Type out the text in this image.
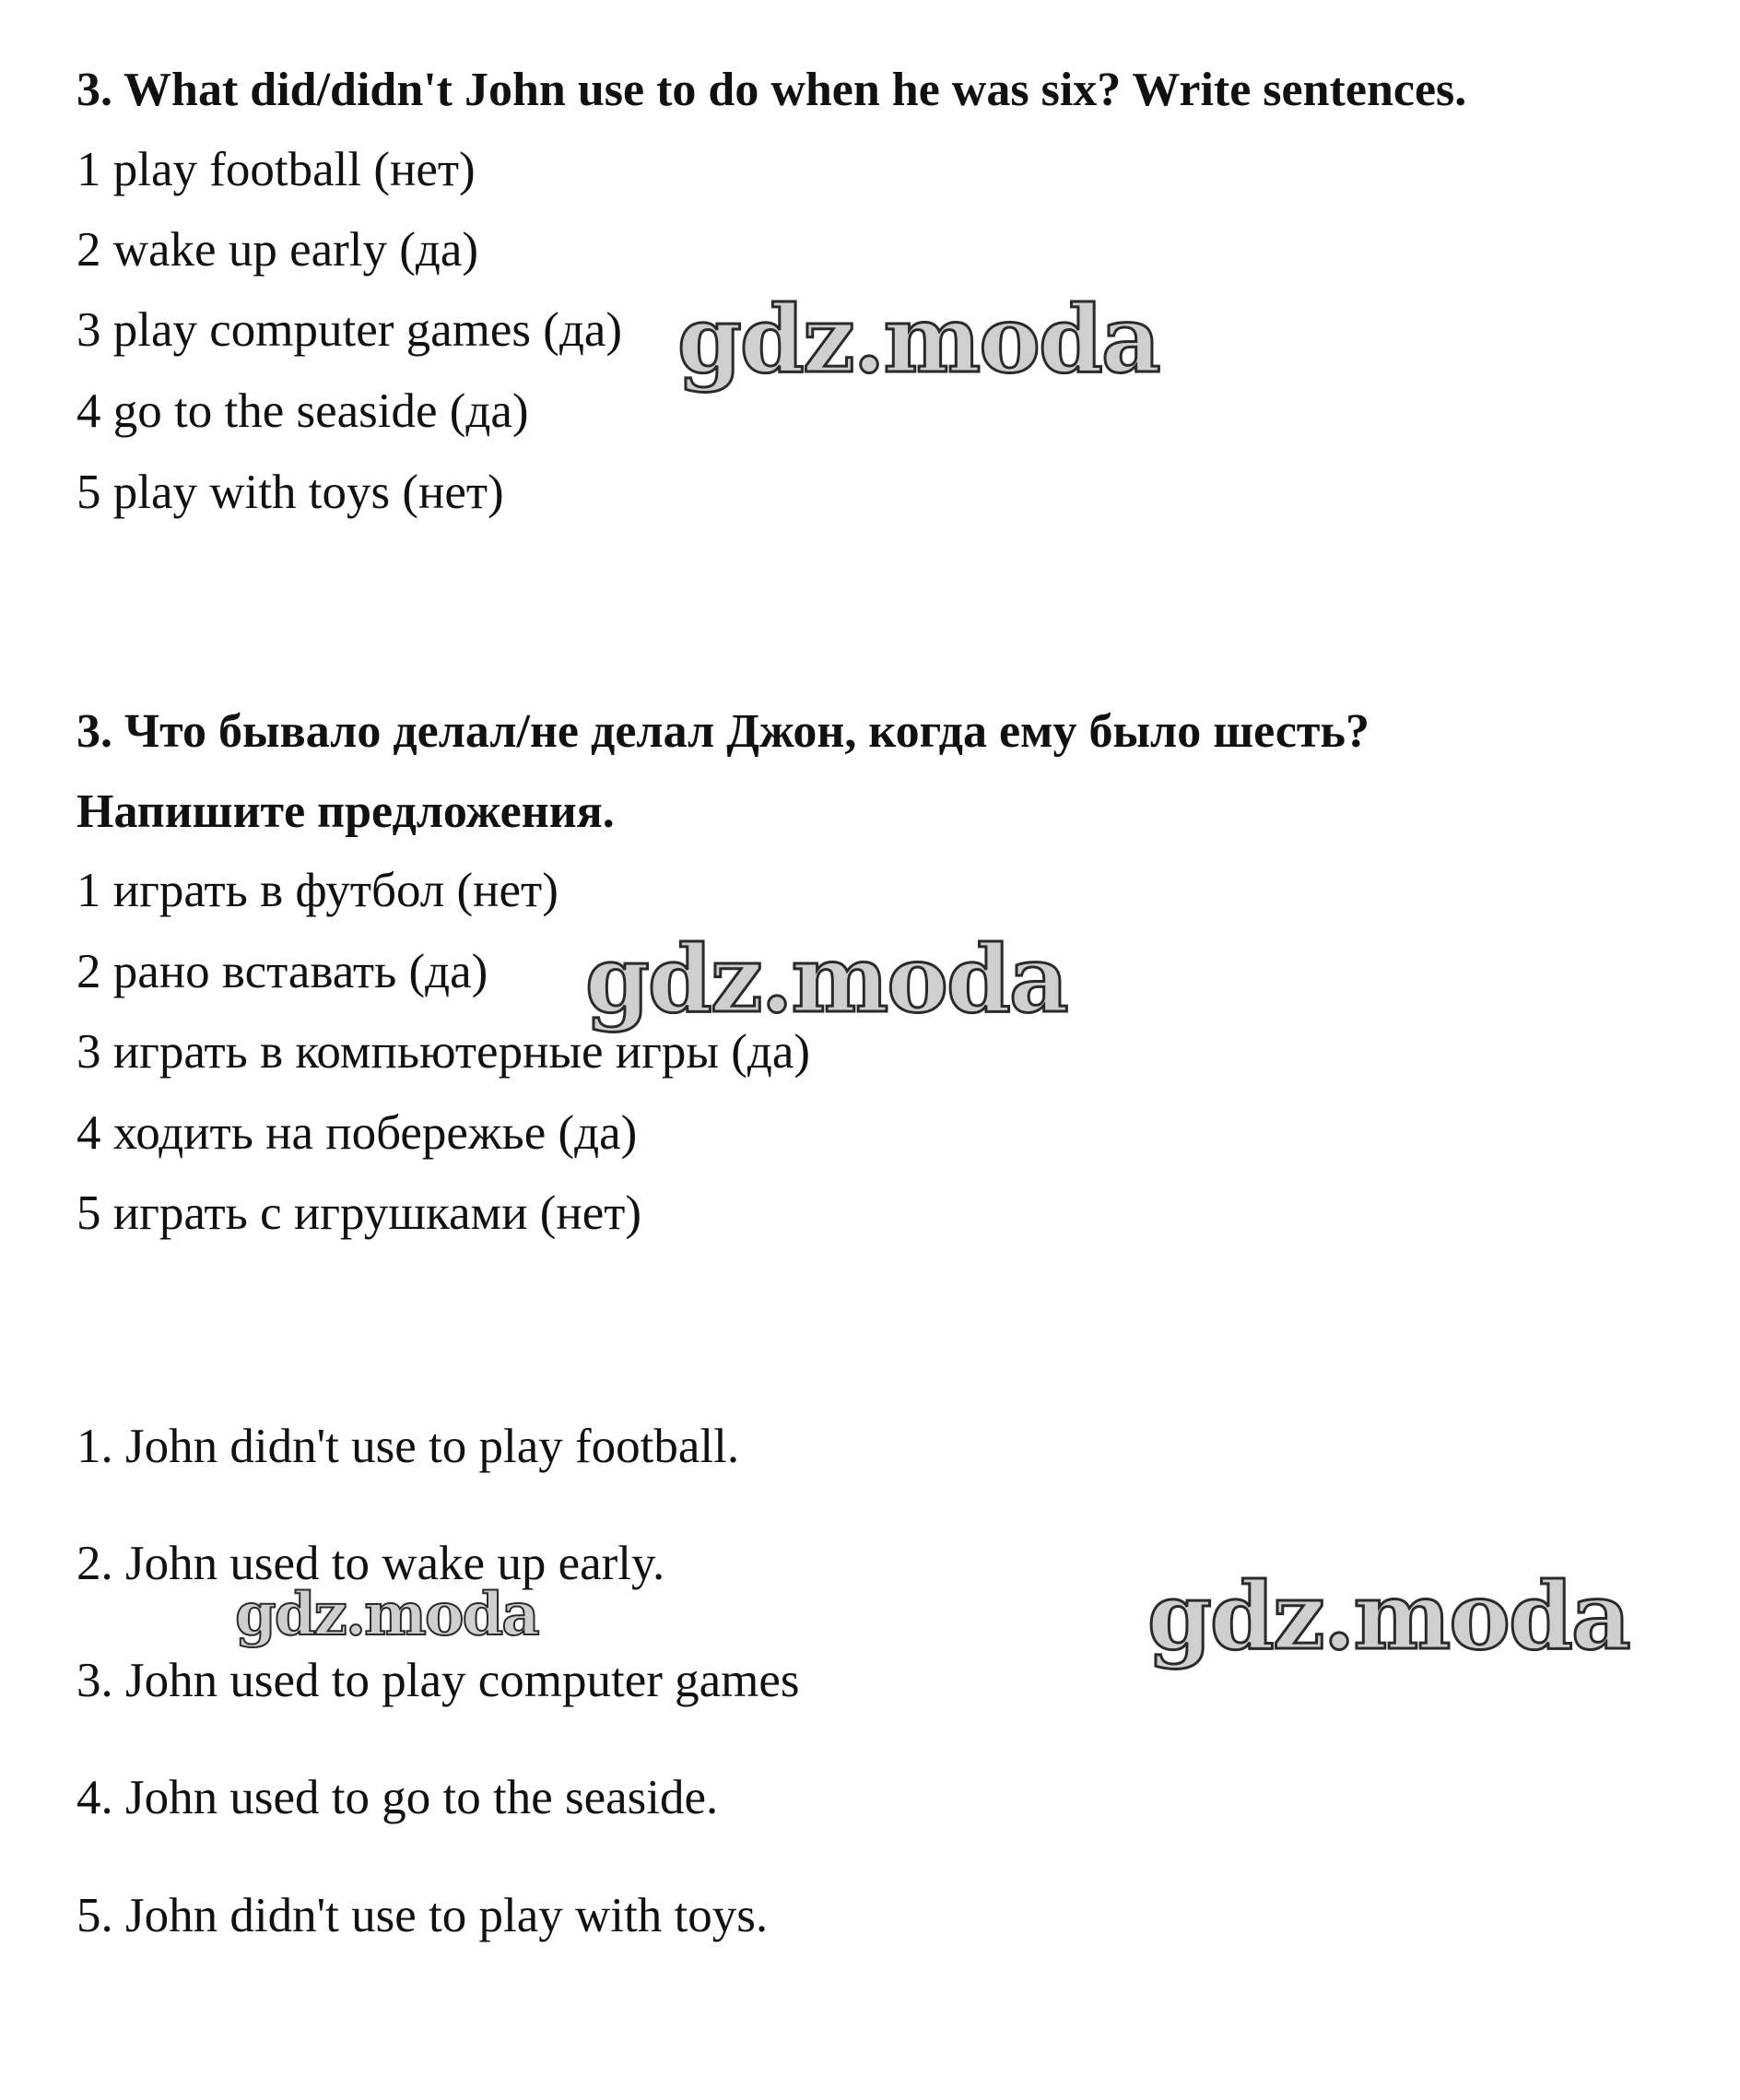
3. What did/didn't John use to do when he was six? Write sentences.
1 play football (нет)
2 wake up early (да)
3 play computer games (да)
4 go to the seaside (да)
5 play with toys (нет)
3. Что бывало делал/не делал Джон, когда ему было шесть?
Напишите предложения.
1 играть в футбол (нет)
2 рано вставать (да)
3 играть в компьютерные игры (да)
4 ходить на побережье (да)
5 играть с игрушками (нет)
1. John didn't use to play football.
2. John used to wake up early.
3. John used to play computer games
4. John used to go to the seaside.
5. John didn't use to play with toys.
gdz.moda
gdz.moda
gdz.moda	gdz.moda
